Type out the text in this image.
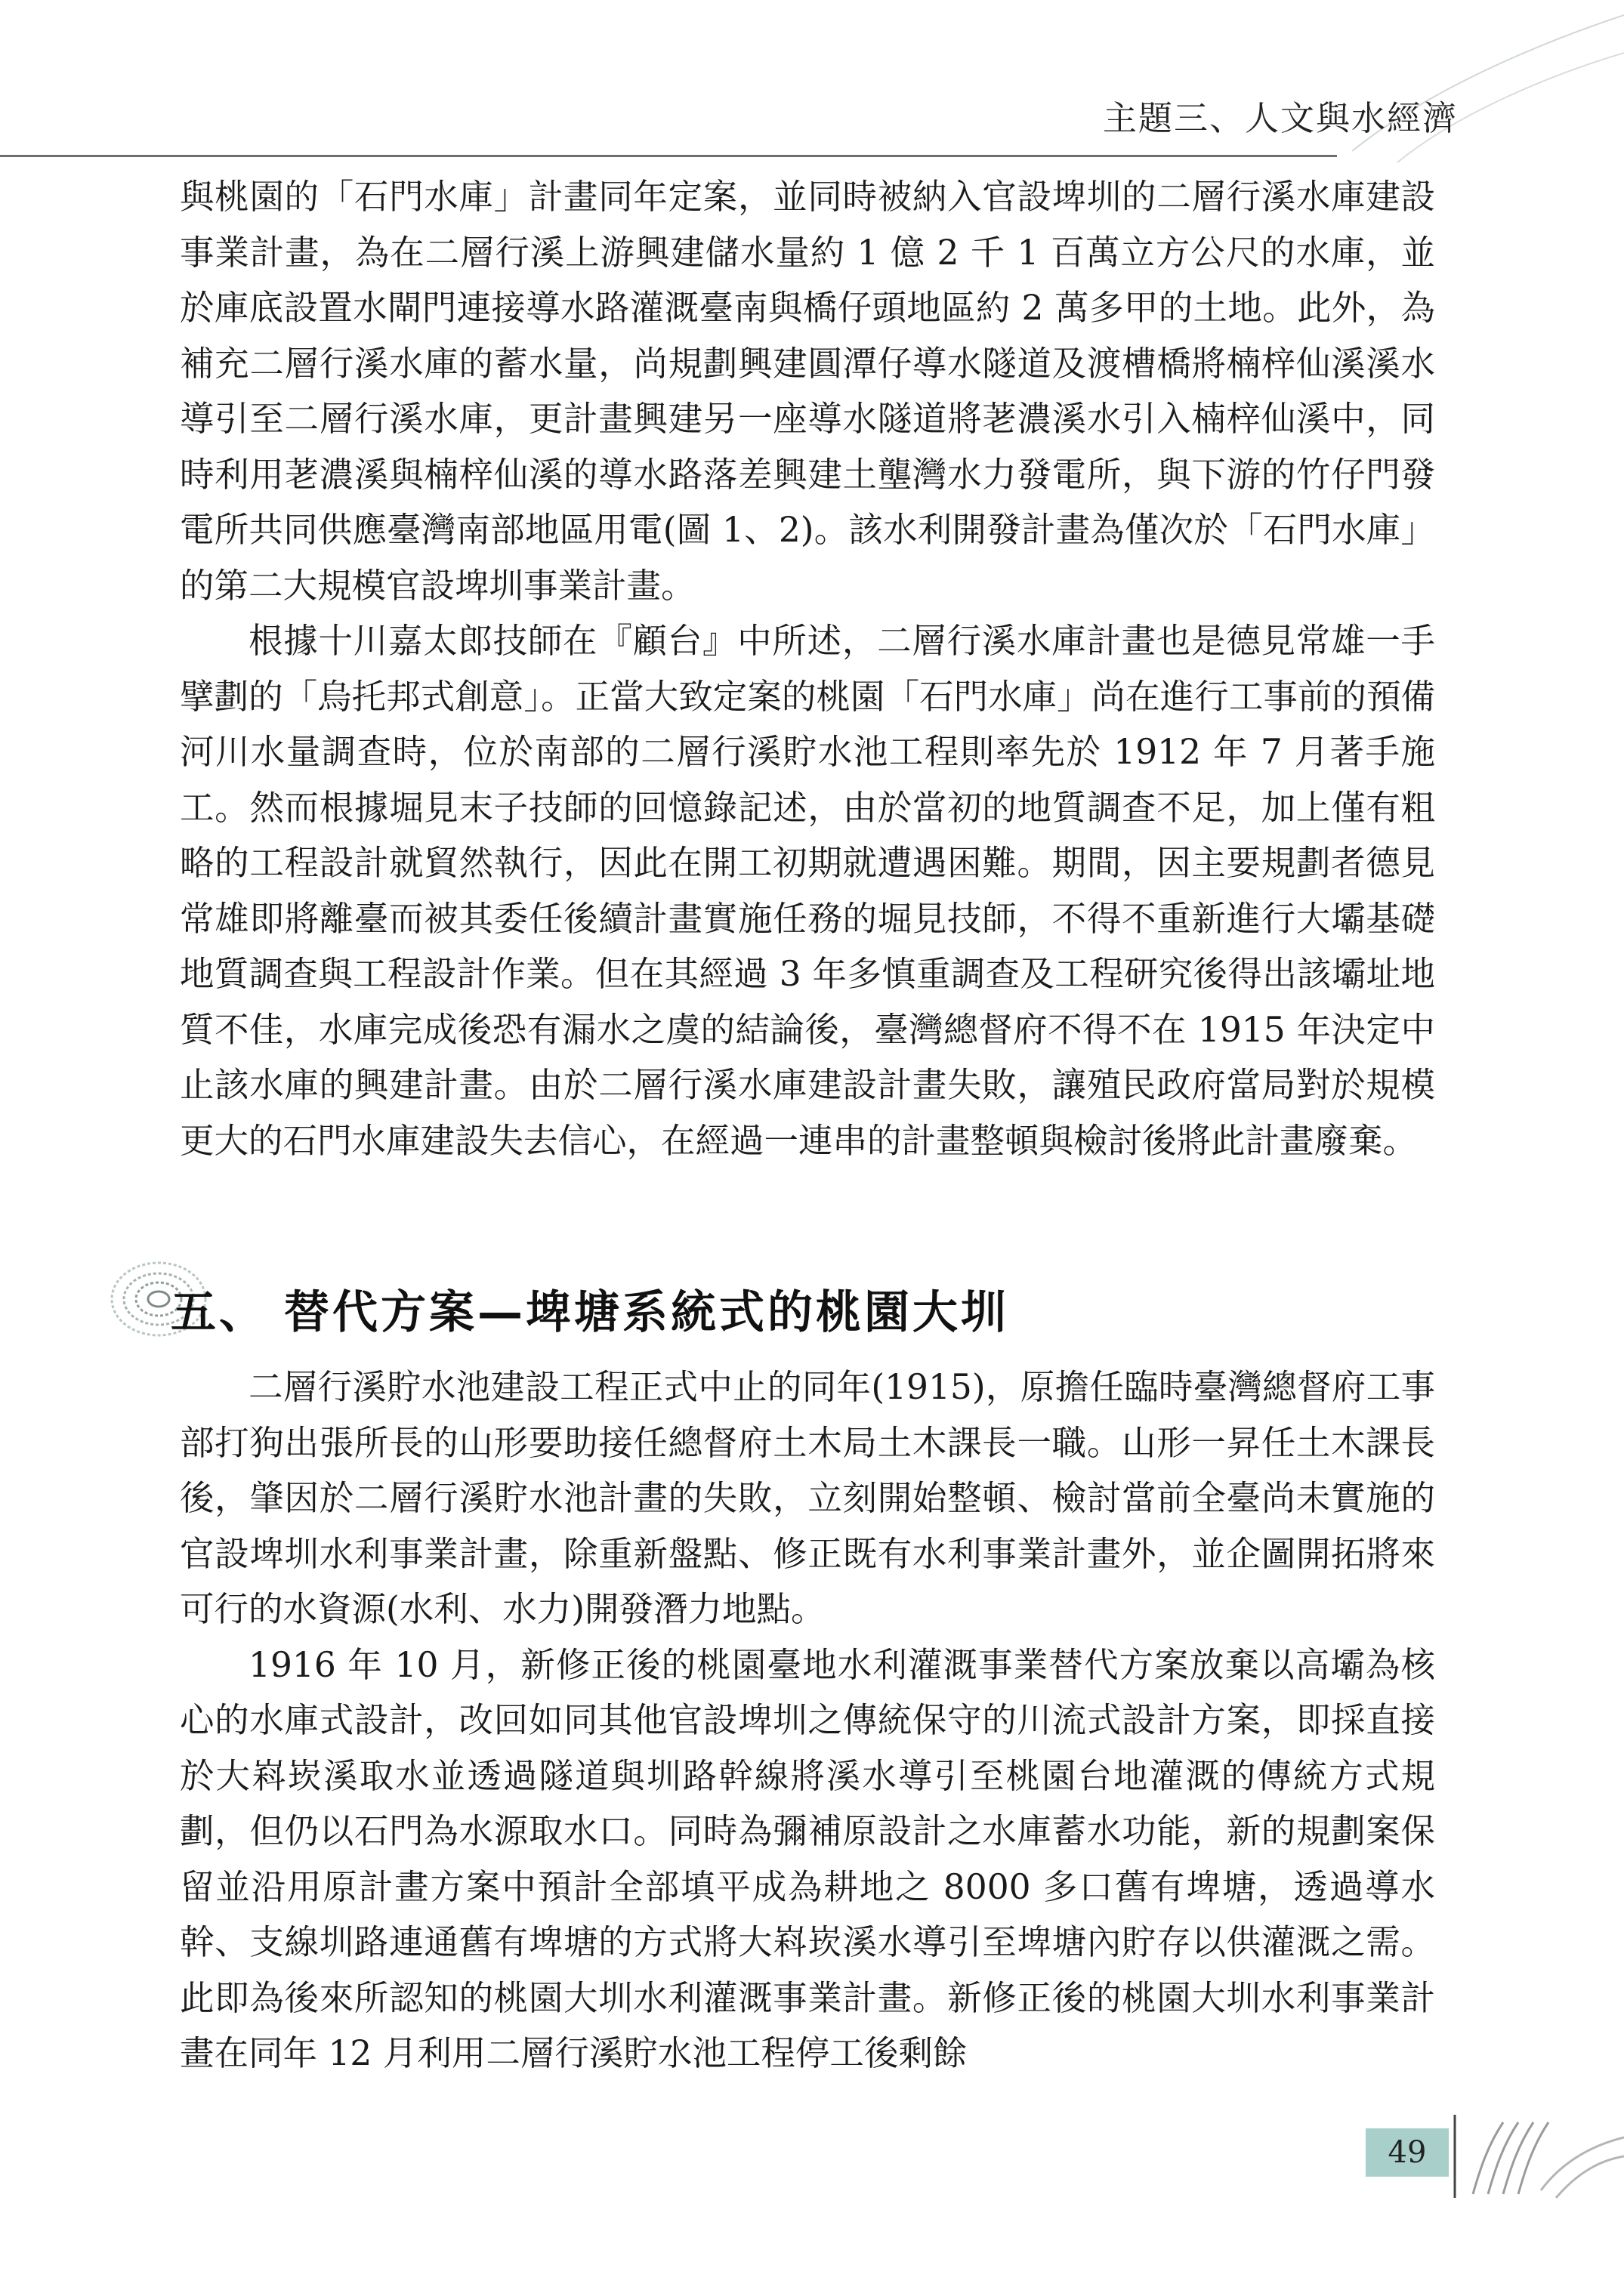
主題三、人文與水經濟

與桃園的「石門水庫」計畫同年定案，並同時被納入官設埤圳的二層行溪水庫建設事業計畫，為在二層行溪上游興建儲水量約 1 億 2 千 1 百萬立方公尺的水庫，並於庫底設置水閘門連接導水路灌溉臺南與橋仔頭地區約 2 萬多甲的土地。此外，為補充二層行溪水庫的蓄水量，尚規劃興建圓潭仔導水隧道及渡槽橋將楠梓仙溪溪水導引至二層行溪水庫，更計畫興建另一座導水隧道將荖濃溪水引入楠梓仙溪中，同時利用荖濃溪與楠梓仙溪的導水路落差興建土壟灣水力發電所，與下游的竹仔門發電所共同供應臺灣南部地區用電(圖 1、2)。該水利開發計畫為僅次於「石門水庫」的第二大規模官設埤圳事業計畫。

根據十川嘉太郎技師在『顧台』中所述，二層行溪水庫計畫也是德見常雄一手擘劃的「烏托邦式創意」。正當大致定案的桃園「石門水庫」尚在進行工事前的預備河川水量調查時，位於南部的二層行溪貯水池工程則率先於 1912 年 7 月著手施工。然而根據堀見末子技師的回憶錄記述，由於當初的地質調查不足，加上僅有粗略的工程設計就貿然執行，因此在開工初期就遭遇困難。期間，因主要規劃者德見常雄即將離臺而被其委任後續計畫實施任務的堀見技師，不得不重新進行大壩基礎地質調查與工程設計作業。但在其經過 3 年多慎重調查及工程研究後得出該壩址地質不佳，水庫完成後恐有漏水之虞的結論後，臺灣總督府不得不在 1915 年決定中止該水庫的興建計畫。由於二層行溪水庫建設計畫失敗，讓殖民政府當局對於規模更大的石門水庫建設失去信心，在經過一連串的計畫整頓與檢討後將此計畫廢棄。

五、 替代方案—埤塘系統式的桃園大圳

二層行溪貯水池建設工程正式中止的同年(1915)，原擔任臨時臺灣總督府工事部打狗出張所長的山形要助接任總督府土木局土木課長一職。山形一昇任土木課長後，肇因於二層行溪貯水池計畫的失敗，立刻開始整頓、檢討當前全臺尚未實施的官設埤圳水利事業計畫，除重新盤點、修正既有水利事業計畫外，並企圖開拓將來可行的水資源(水利、水力)開發潛力地點。

1916 年 10 月，新修正後的桃園臺地水利灌溉事業替代方案放棄以高壩為核心的水庫式設計，改回如同其他官設埤圳之傳統保守的川流式設計方案，即採直接於大嵙崁溪取水並透過隧道與圳路幹線將溪水導引至桃園台地灌溉的傳統方式規劃，但仍以石門為水源取水口。同時為彌補原設計之水庫蓄水功能，新的規劃案保留並沿用原計畫方案中預計全部填平成為耕地之 8000 多口舊有埤塘，透過導水幹、支線圳路連通舊有埤塘的方式將大嵙崁溪水導引至埤塘內貯存以供灌溉之需。此即為後來所認知的桃園大圳水利灌溉事業計畫。新修正後的桃園大圳水利事業計畫在同年 12 月利用二層行溪貯水池工程停工後剩餘

49
